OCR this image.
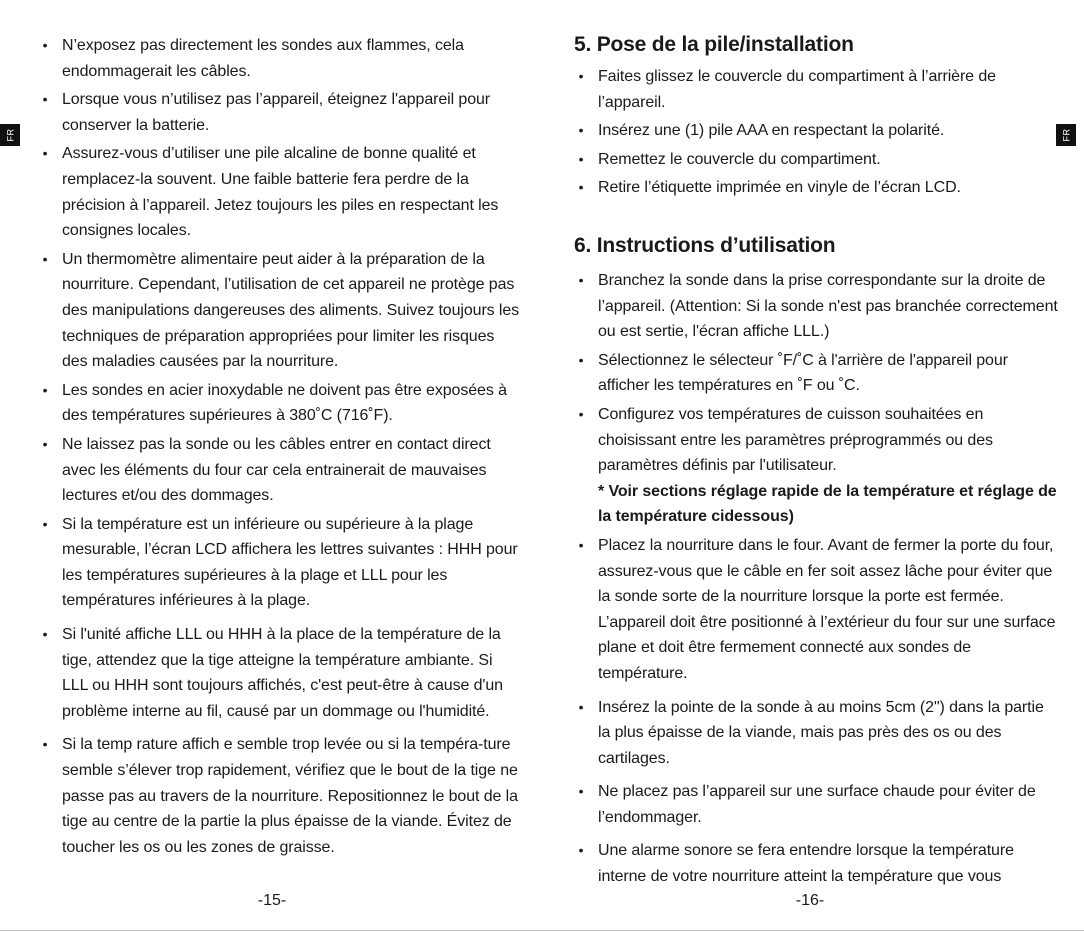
FR
• N’exposez pas directement les sondes aux flammes, cela endommagerait les câbles.
• Lorsque vous n’utilisez pas l’appareil, éteignez l'appareil pour conserver la batterie.
• Assurez-vous d’utiliser une pile alcaline de bonne qualité et remplacez-la souvent. Une faible batterie fera perdre de la précision à l’appareil. Jetez toujours les piles en respectant les consignes locales.
• Un thermomètre alimentaire peut aider à la préparation de la nourriture. Cependant, l’utilisation de cet appareil ne protège pas des manipulations dangereuses des aliments. Suivez toujours les techniques de préparation appropriées pour limiter les risques des maladies causées par la nourriture.
• Les sondes en acier inoxydable ne doivent pas être exposées à des températures supérieures à 380˚C (716˚F).
• Ne laissez pas la sonde ou les câbles entrer en contact direct avec les éléments du four car cela entrainerait de mauvaises lectures et/ou des dommages.
• Si la température est un inférieure ou supérieure à la plage mesurable, l’écran LCD affichera les lettres suivantes : HHH pour les températures supérieures à la plage et LLL pour les températures inférieures à la plage.
• Si l'unité affiche LLL ou HHH à la place de la température de la tige, attendez que la tige atteigne la température ambiante. Si LLL ou HHH sont toujours affichés, c'est peut-être à cause d'un problème interne au fil, causé par un dommage ou l'humidité.
• Si la temp rature affich e semble trop levée ou si la tempéra-ture semble s’élever trop rapidement, vérifiez que le bout de la tige ne passe pas au travers de la nourriture. Repositionnez le bout de la tige au centre de la partie la plus épaisse de la viande. Évitez de toucher les os ou les zones de graisse.
-15-
FR
5. Pose de la pile/installation
• Faites glissez le couvercle du compartiment à l’arrière de l’appareil.
• Insérez une (1) pile AAA en respectant la polarité.
• Remettez le couvercle du compartiment.
• Retire l’étiquette imprimée en vinyle de l’écran LCD.
6. Instructions d’utilisation
• Branchez la sonde dans la prise correspondante sur la droite de l’appareil. (Attention: Si la sonde n'est pas branchée correctement ou est sertie, l'écran affiche LLL.)
• Sélectionnez le sélecteur ˚F/˚C à l'arrière de l'appareil pour afficher les températures en ˚F ou ˚C.
• Configurez vos températures de cuisson souhaitées en choisissant entre les paramètres préprogrammés ou des paramètres définis par l'utilisateur.
* Voir sections réglage rapide de la température et réglage de la température cidessous)
• Placez la nourriture dans le four. Avant de fermer la porte du four, assurez-vous que le câble en fer soit assez lâche pour éviter que la sonde sorte de la nourriture lorsque la porte est fermée. L’appareil doit être positionné à l’extérieur du four sur une surface plane et doit être fermement connecté aux sondes de température.
• Insérez la pointe de la sonde à au moins 5cm (2") dans la partie la plus épaisse de la viande, mais pas près des os ou des cartilages.
• Ne placez pas l’appareil sur une surface chaude pour éviter de l’endommager.
• Une alarme sonore se fera entendre lorsque la température interne de votre nourriture atteint la température que vous
-16-
